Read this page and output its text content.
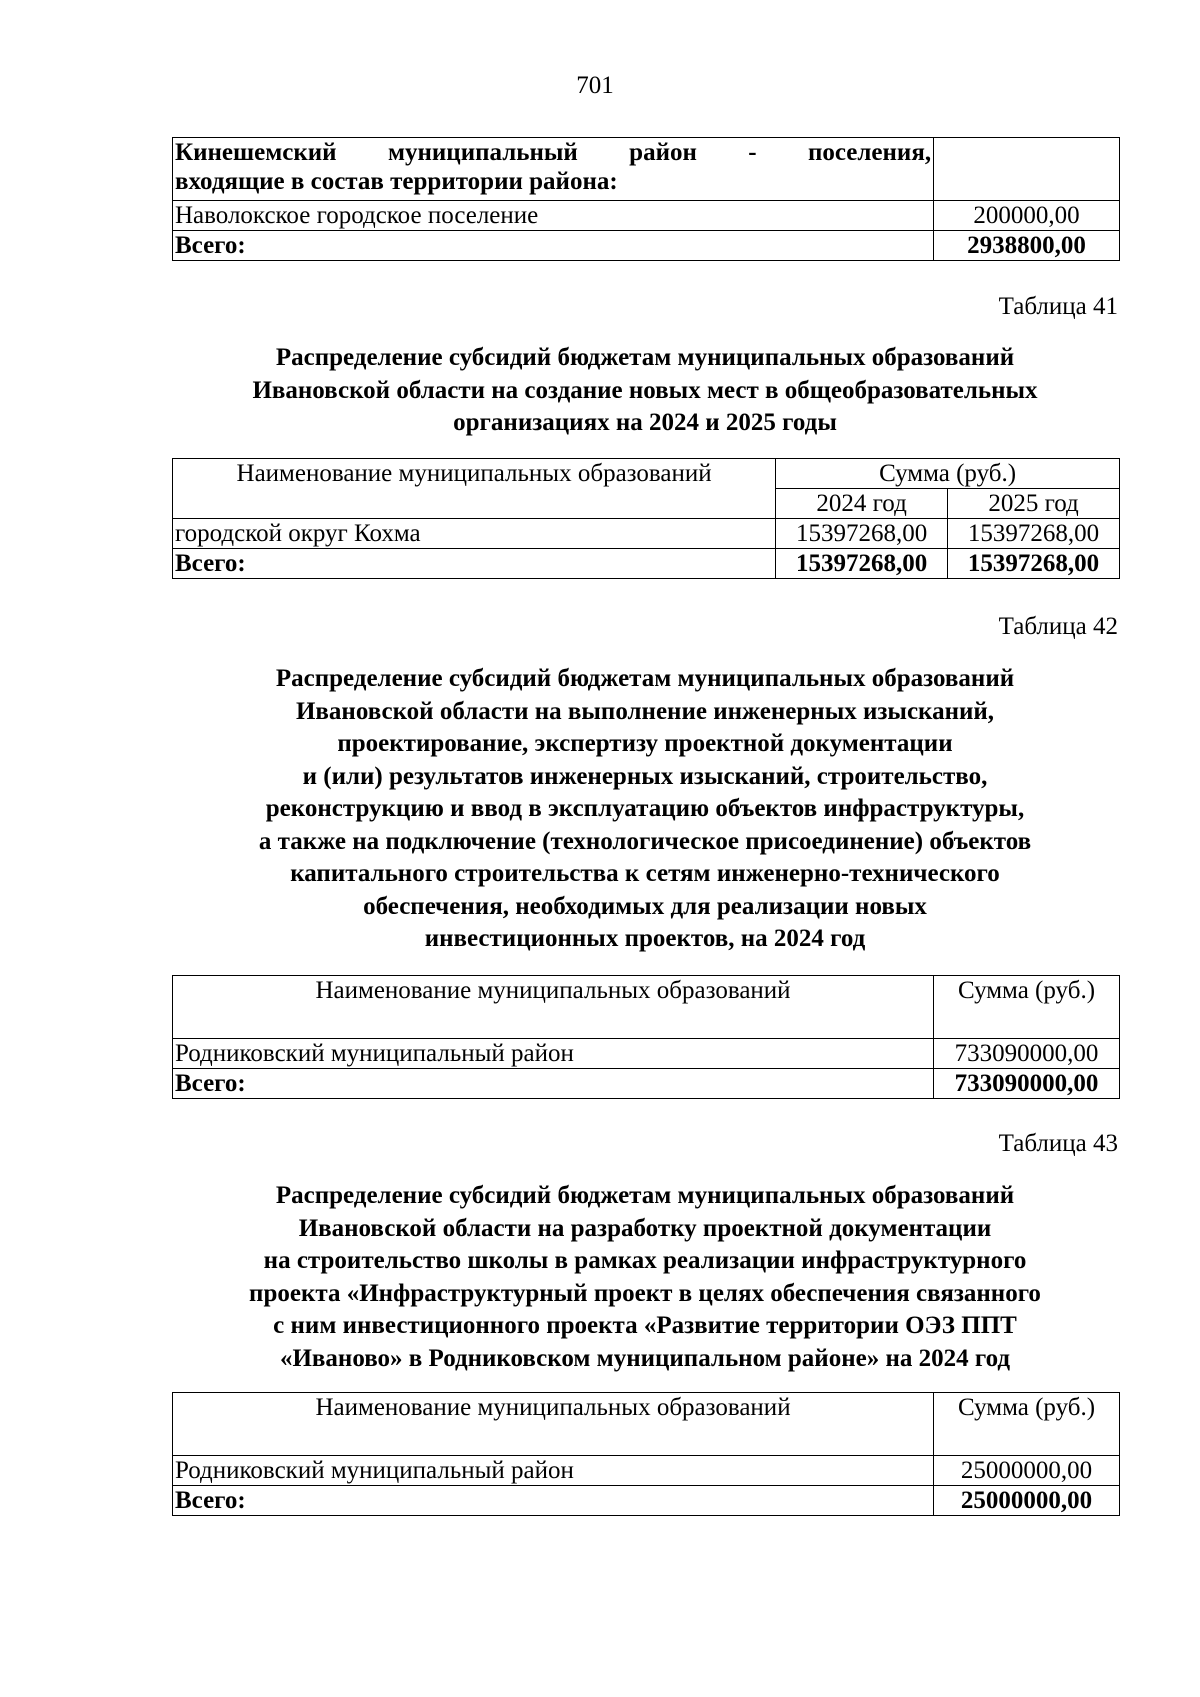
701
Кинешемский муниципальный район - поселения,
входящие в состав территории района:	

Наволокское городское поселение	200000,00
Всего:	2938800,00
Таблица 41
Распределение субсидий бюджетам муниципальных образований
Ивановской области на создание новых мест в общеобразовательных
организациях на 2024 и 2025 годы
Наименование муниципальных образований	Сумма (руб.)	
	2024 год	2025 год
городской округ Кохма	15397268,00	15397268,00
Всего:	15397268,00	15397268,00
Таблица 42
Распределение субсидий бюджетам муниципальных образований
Ивановской области на выполнение инженерных изысканий,
проектирование, экспертизу проектной документации
и (или) результатов инженерных изысканий, строительство,
реконструкцию и ввод в эксплуатацию объектов инфраструктуры,
а также на подключение (технологическое присоединение) объектов
капитального строительства к сетям инженерно-технического
обеспечения, необходимых для реализации новых
инвестиционных проектов, на 2024 год
Наименование муниципальных образований	Сумма (руб.)
Родниковский муниципальный район	733090000,00
Всего:	733090000,00
Таблица 43
Распределение субсидий бюджетам муниципальных образований
Ивановской области на разработку проектной документации
на строительство школы в рамках реализации инфраструктурного
проекта «Инфраструктурный проект в целях обеспечения связанного
с ним инвестиционного проекта «Развитие территории ОЭЗ ППТ
«Иваново» в Родниковском муниципальном районе» на 2024 год
Наименование муниципальных образований	Сумма (руб.)
Родниковский муниципальный район	25000000,00
Всего:	25000000,00
